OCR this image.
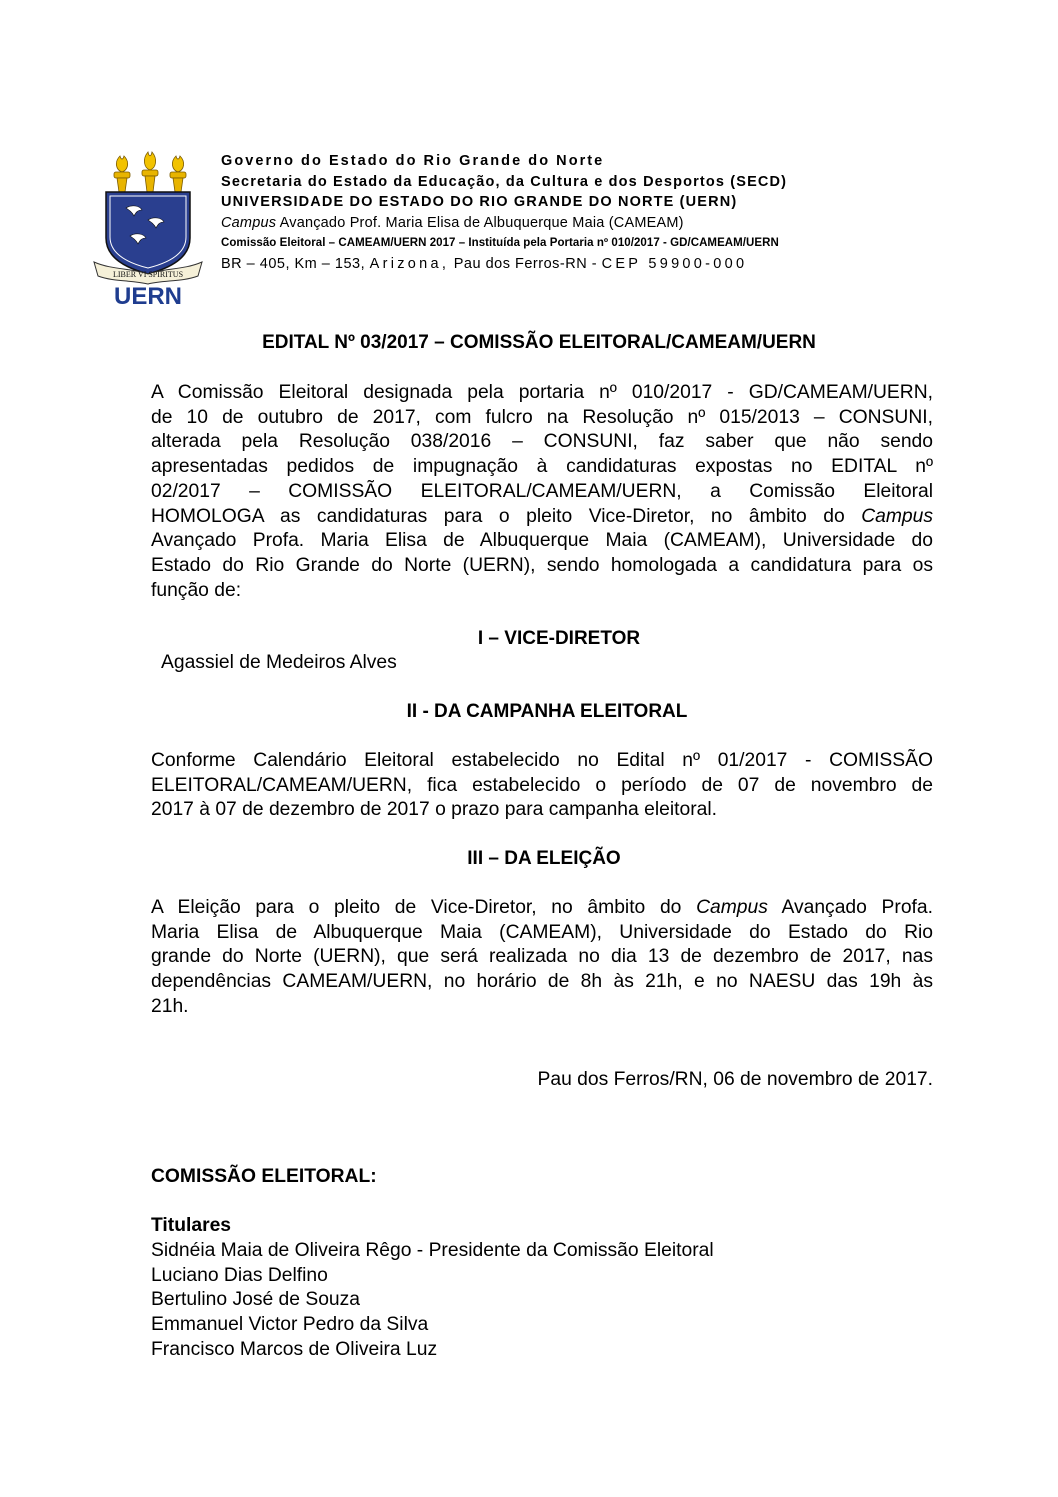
LIBER VI SPIRITUS
UERN
Governo do Estado do Rio Grande do Norte
Secretaria do Estado da Educação, da Cultura e dos Desportos (SECD)
UNIVERSIDADE DO ESTADO DO RIO GRANDE DO NORTE (UERN)
Campus Avançado Prof. Maria Elisa de Albuquerque Maia (CAMEAM)
Comissão Eleitoral – CAMEAM/UERN 2017 – Instituída pela Portaria nº 010/2017 - GD/CAMEAM/UERN
BR – 405, Km – 153, Arizona, Pau dos Ferros-RN - CEP 59900-000
EDITAL Nº 03/2017 – COMISSÃO ELEITORAL/CAMEAM/UERN
A Comissão Eleitoral designada pela portaria nº 010/2017 - GD/CAMEAM/UERN,
de 10 de outubro de 2017, com fulcro na Resolução nº 015/2013 – CONSUNI,
alterada pela Resolução 038/2016 – CONSUNI, faz saber que não sendo
apresentadas pedidos de impugnação à candidaturas expostas no EDITAL nº
02/2017 – COMISSÃO ELEITORAL/CAMEAM/UERN, a Comissão Eleitoral
HOMOLOGA as candidaturas para o pleito Vice-Diretor, no âmbito do Campus
Avançado Profa. Maria Elisa de Albuquerque Maia (CAMEAM), Universidade do
Estado do Rio Grande do Norte (UERN), sendo homologada a candidatura para os
função de:
I – VICE-DIRETOR
Agassiel de Medeiros Alves
II - DA CAMPANHA ELEITORAL
Conforme Calendário Eleitoral estabelecido no Edital nº 01/2017 - COMISSÃO
ELEITORAL/CAMEAM/UERN, fica estabelecido o período de 07 de novembro de
2017 à 07 de dezembro de 2017 o prazo para campanha eleitoral.
III – DA ELEIÇÃO
A Eleição para o pleito de Vice-Diretor, no âmbito do Campus Avançado Profa.
Maria Elisa de Albuquerque Maia (CAMEAM), Universidade do Estado do Rio
grande do Norte (UERN), que será realizada no dia 13 de dezembro de 2017, nas
dependências CAMEAM/UERN, no horário de 8h às 21h, e no NAESU das 19h às
21h.
Pau dos Ferros/RN, 06 de novembro de 2017.
COMISSÃO ELEITORAL:
Titulares
Sidnéia Maia de Oliveira Rêgo - Presidente da Comissão Eleitoral
Luciano Dias Delfino
Bertulino José de Souza
Emmanuel Victor Pedro da Silva
Francisco Marcos de Oliveira Luz
